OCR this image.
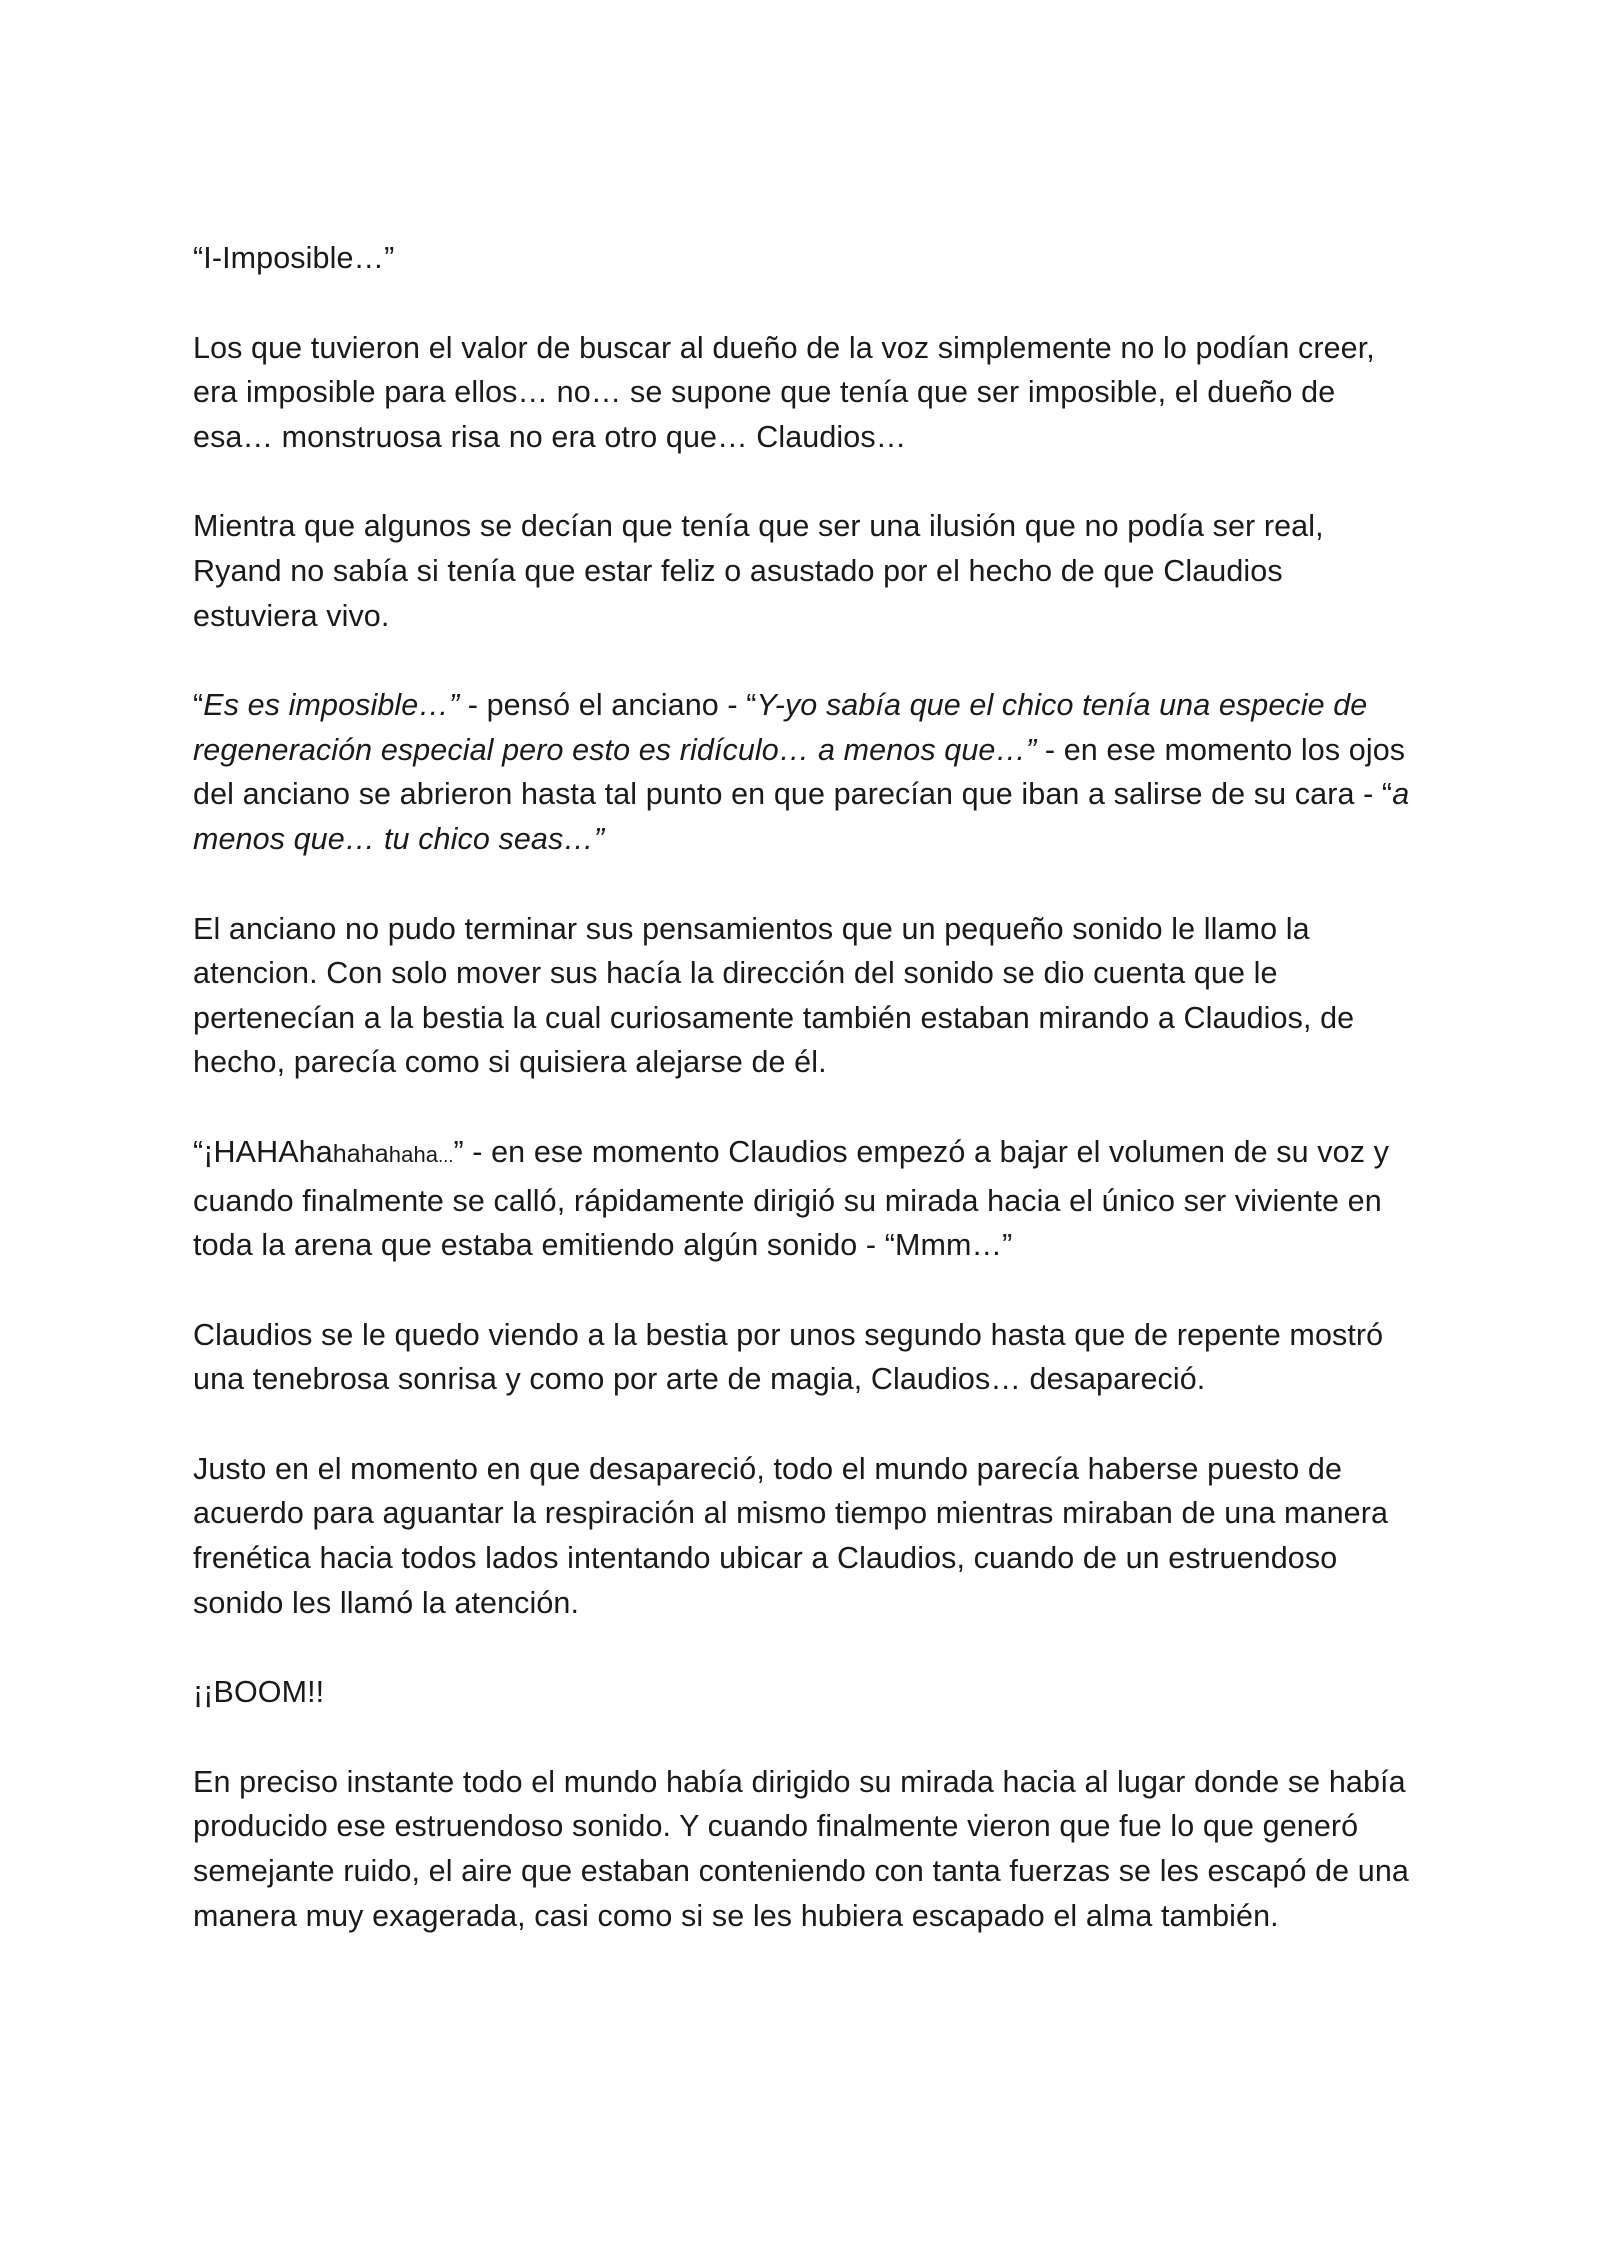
“I-Imposible…”

Los que tuvieron el valor de buscar al dueño de la voz simplemente no lo podían creer, era imposible para ellos… no… se supone que tenía que ser imposible, el dueño de esa… monstruosa risa no era otro que… Claudios…

Mientra que algunos se decían que tenía que ser una ilusión que no podía ser real, Ryand no sabía si tenía que estar feliz o asustado por el hecho de que Claudios estuviera vivo.

“Es es imposible…” - pensó el anciano - “Y-yo sabía que el chico tenía una especie de regeneración especial pero esto es ridículo… a menos que…” - en ese momento los ojos del anciano se abrieron hasta tal punto en que parecían que iban a salirse de su cara - “a menos que… tu chico seas…”

El anciano no pudo terminar sus pensamientos que un pequeño sonido le llamo la atencion. Con solo mover sus hacía la dirección del sonido se dio cuenta que le pertenecían a la bestia la cual curiosamente también estaban mirando a Claudios, de hecho, parecía como si quisiera alejarse de él.

“¡HAHAhahahahaha...” - en ese momento Claudios empezó a bajar el volumen de su voz y cuando finalmente se calló, rápidamente dirigió su mirada hacia el único ser viviente en toda la arena que estaba emitiendo algún sonido - “Mmm…”

Claudios se le quedo viendo a la bestia por unos segundo hasta que de repente mostró una tenebrosa sonrisa y como por arte de magia, Claudios… desapareció.

Justo en el momento en que desapareció, todo el mundo parecía haberse puesto de acuerdo para aguantar la respiración al mismo tiempo mientras miraban de una manera frenética hacia todos lados intentando ubicar a Claudios, cuando de un estruendoso sonido les llamó la atención.

¡¡BOOM!!

En preciso instante todo el mundo había dirigido su mirada hacia al lugar donde se había producido ese estruendoso sonido. Y cuando finalmente vieron que fue lo que generó semejante ruido, el aire que estaban conteniendo con tanta fuerzas se les escapó de una manera muy exagerada, casi como si se les hubiera escapado el alma también.
